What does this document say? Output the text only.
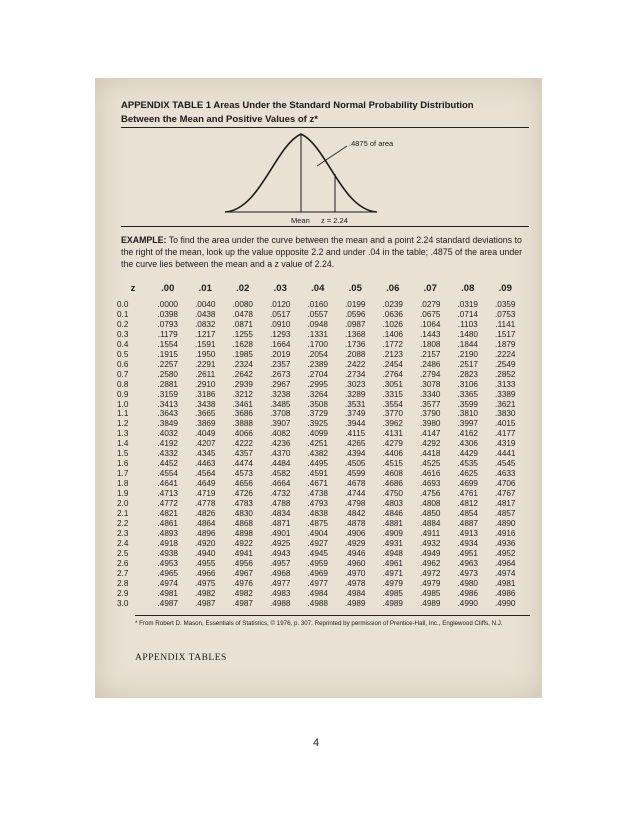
APPENDIX TABLE 1 Areas Under the Standard Normal Probability Distribution
Between the Mean and Positive Values of z*
.4875 of area
Mean z = 2.24
EXAMPLE: To find the area under the curve between the mean and a point 2.24 standard deviations to the right of the mean, look up the value opposite 2.2 and under .04 in the table; .4875 of the area under the curve lies between the mean and a z value of 2.24.
z	.00	.01	.02	.03	.04	.05	.06	.07	.08	.09
0.0	.0000	.0040	.0080	.0120	.0160	.0199	.0239	.0279	.0319	.0359
0.1	.0398	.0438	.0478	.0517	.0557	.0596	.0636	.0675	.0714	.0753
0.2	.0793	.0832	.0871	.0910	.0948	.0987	.1026	.1064	.1103	.1141
0.3	.1179	.1217	.1255	.1293	.1331	.1368	.1406	.1443	.1480	.1517
0.4	.1554	.1591	.1628	.1664	.1700	.1736	.1772	.1808	.1844	.1879
0.5	.1915	.1950	.1985	.2019	.2054	.2088	.2123	.2157	.2190	.2224
0.6	.2257	.2291	.2324	.2357	.2389	.2422	.2454	.2486	.2517	.2549
0.7	.2580	.2611	.2642	.2673	.2704	.2734	.2764	.2794	.2823	.2852
0.8	.2881	.2910	.2939	.2967	.2995	.3023	.3051	.3078	.3106	.3133
0.9	.3159	.3186	.3212	.3238	.3264	.3289	.3315	.3340	.3365	.3389
1.0	.3413	.3438	.3461	.3485	.3508	.3531	.3554	.3577	.3599	.3621
1.1	.3643	.3665	.3686	.3708	.3729	.3749	.3770	.3790	.3810	.3830
1.2	.3849	.3869	.3888	.3907	.3925	.3944	.3962	.3980	.3997	.4015
1.3	.4032	.4049	.4066	.4082	.4099	.4115	.4131	.4147	.4162	.4177
1.4	.4192	.4207	.4222	.4236	.4251	.4265	.4279	.4292	.4306	.4319
1.5	.4332	.4345	.4357	.4370	.4382	.4394	.4406	.4418	.4429	.4441
1.6	.4452	.4463	.4474	.4484	.4495	.4505	.4515	.4525	.4535	.4545
1.7	.4554	.4564	.4573	.4582	.4591	.4599	.4608	.4616	.4625	.4633
1.8	.4641	.4649	.4656	.4664	.4671	.4678	.4686	.4693	.4699	.4706
1.9	.4713	.4719	.4726	.4732	.4738	.4744	.4750	.4756	.4761	.4767
2.0	.4772	.4778	.4783	.4788	.4793	.4798	.4803	.4808	.4812	.4817
2.1	.4821	.4826	.4830	.4834	.4838	.4842	.4846	.4850	.4854	.4857
2.2	.4861	.4864	.4868	.4871	.4875	.4878	.4881	.4884	.4887	.4890
2.3	.4893	.4896	.4898	.4901	.4904	.4906	.4909	.4911	.4913	.4916
2.4	.4918	.4920	.4922	.4925	.4927	.4929	.4931	.4932	.4934	.4936
2.5	.4938	.4940	.4941	.4943	.4945	.4946	.4948	.4949	.4951	.4952
2.6	.4953	.4955	.4956	.4957	.4959	.4960	.4961	.4962	.4963	.4964
2.7	.4965	.4966	.4967	.4968	.4969	.4970	.4971	.4972	.4973	.4974
2.8	.4974	.4975	.4976	.4977	.4977	.4978	.4979	.4979	.4980	.4981
2.9	.4981	.4982	.4982	.4983	.4984	.4984	.4985	.4985	.4986	.4986
3.0	.4987	.4987	.4987	.4988	.4988	.4989	.4989	.4989	.4990	.4990
* From Robert D. Mason, Essentials of Statistics, © 1976, p. 307. Reprinted by permission of Prentice-Hall, Inc., Englewood Cliffs, N.J.
APPENDIX TABLES
4
